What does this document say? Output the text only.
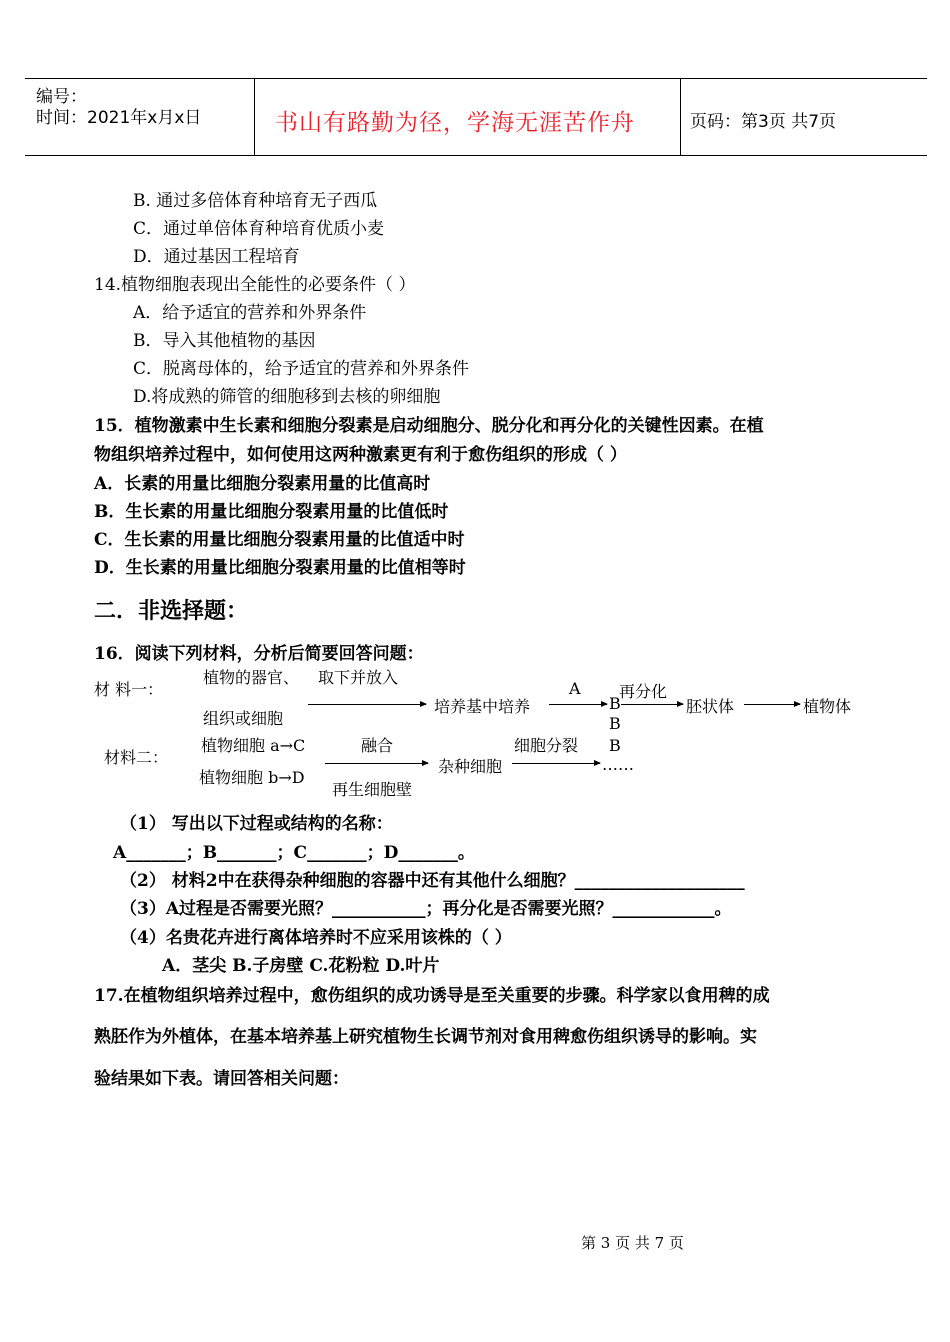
编号：
时间：2021年x月x日	书山有路勤为径，学海无涯苦作舟	页码：第3页 共7页
B. 通过多倍体育种培育无子西瓜
C．通过单倍体育种培育优质小麦
D．通过基因工程培育
14.植物细胞表现出全能性的必要条件（ ）
A．给予适宜的营养和外界条件
B．导入其他植物的基因
C．脱离母体的，给予适宜的营养和外界条件
D.将成熟的筛管的细胞移到去核的卵细胞
15．植物激素中生长素和细胞分裂素是启动细胞分、脱分化和再分化的关键性因素。在植
物组织培养过程中，如何使用这两种激素更有利于愈伤组织的形成（ ）
A．长素的用量比细胞分裂素用量的比值高时
B．生长素的用量比细胞分裂素用量的比值低时
C．生长素的用量比细胞分裂素用量的比值适中时
D．生长素的用量比细胞分裂素用量的比值相等时
二．非选择题：
16．阅读下列材料，分析后简要回答问题：
材 料一：
植物的器官、
组织或细胞
取下并放入
培养基中培养
A
B
再分化
胚状体	植物体
B
材料二：
植物细胞 a→C
植物细胞 b→D
融合
再生细胞壁
杂种细胞
细胞分裂 B
……
（1） 写出以下过程或结构的名称：
A_______；B_______；C_______；D_______。
（2） 材料2中在获得杂种细胞的容器中还有其他什么细胞？____________________
（3）A过程是否需要光照？___________；再分化是否需要光照？____________。
（4）名贵花卉进行离体培养时不应采用该株的（ ）
A．茎尖 B.子房壁 C.花粉粒 D.叶片
17.在植物组织培养过程中，愈伤组织的成功诱导是至关重要的步骤。科学家以食用稗的成
熟胚作为外植体，在基本培养基上研究植物生长调节剂对食用稗愈伤组织诱导的影响。实
验结果如下表。请回答相关问题：
第 3 页 共 7 页
